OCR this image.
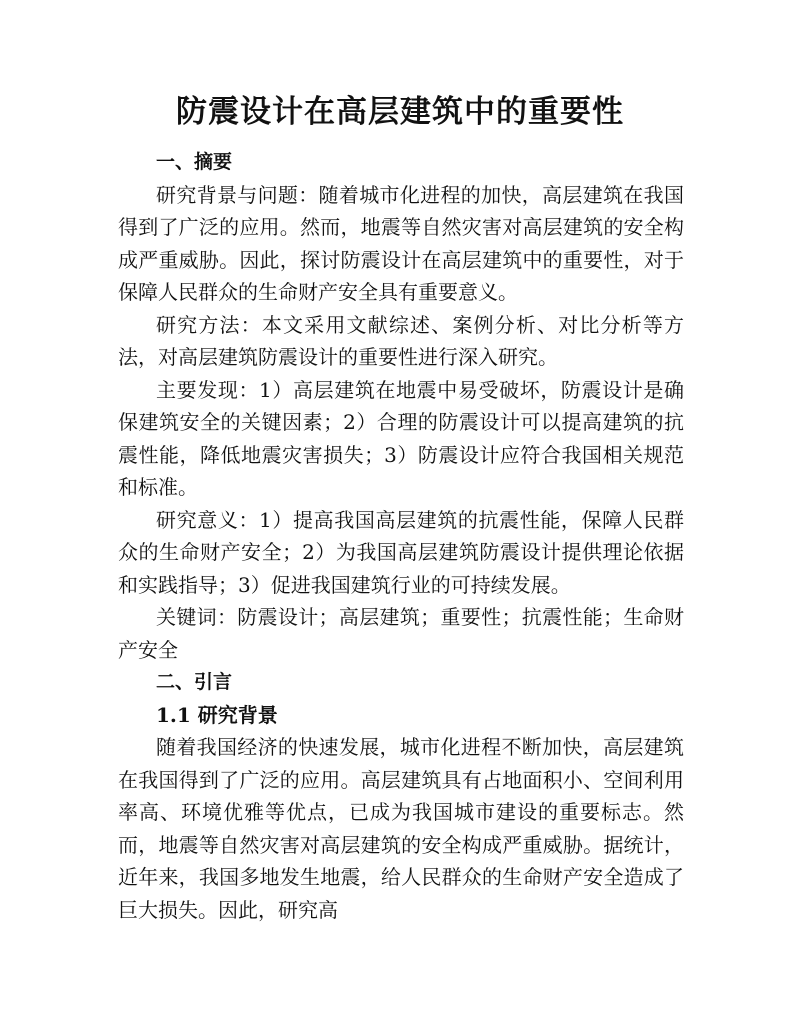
防震设计在高层建筑中的重要性
一、摘要

研究背景与问题：随着城市化进程的加快，高层建筑在我国得到了广泛的应用。然而，地震等自然灾害对高层建筑的安全构成严重威胁。因此，探讨防震设计在高层建筑中的重要性，对于保障人民群众的生命财产安全具有重要意义。

研究方法：本文采用文献综述、案例分析、对比分析等方法，对高层建筑防震设计的重要性进行深入研究。

主要发现：1）高层建筑在地震中易受破坏，防震设计是确保建筑安全的关键因素；2）合理的防震设计可以提高建筑的抗震性能，降低地震灾害损失；3）防震设计应符合我国相关规范和标准。

研究意义：1）提高我国高层建筑的抗震性能，保障人民群众的生命财产安全；2）为我国高层建筑防震设计提供理论依据和实践指导；3）促进我国建筑行业的可持续发展。

关键词：防震设计；高层建筑；重要性；抗震性能；生命财产安全

二、引言
1.1 研究背景

随着我国经济的快速发展，城市化进程不断加快，高层建筑在我国得到了广泛的应用。高层建筑具有占地面积小、空间利用率高、环境优雅等优点，已成为我国城市建设的重要标志。然而，地震等自然灾害对高层建筑的安全构成严重威胁。据统计，近年来，我国多地发生地震，给人民群众的生命财产安全造成了巨大损失。因此，研究高
